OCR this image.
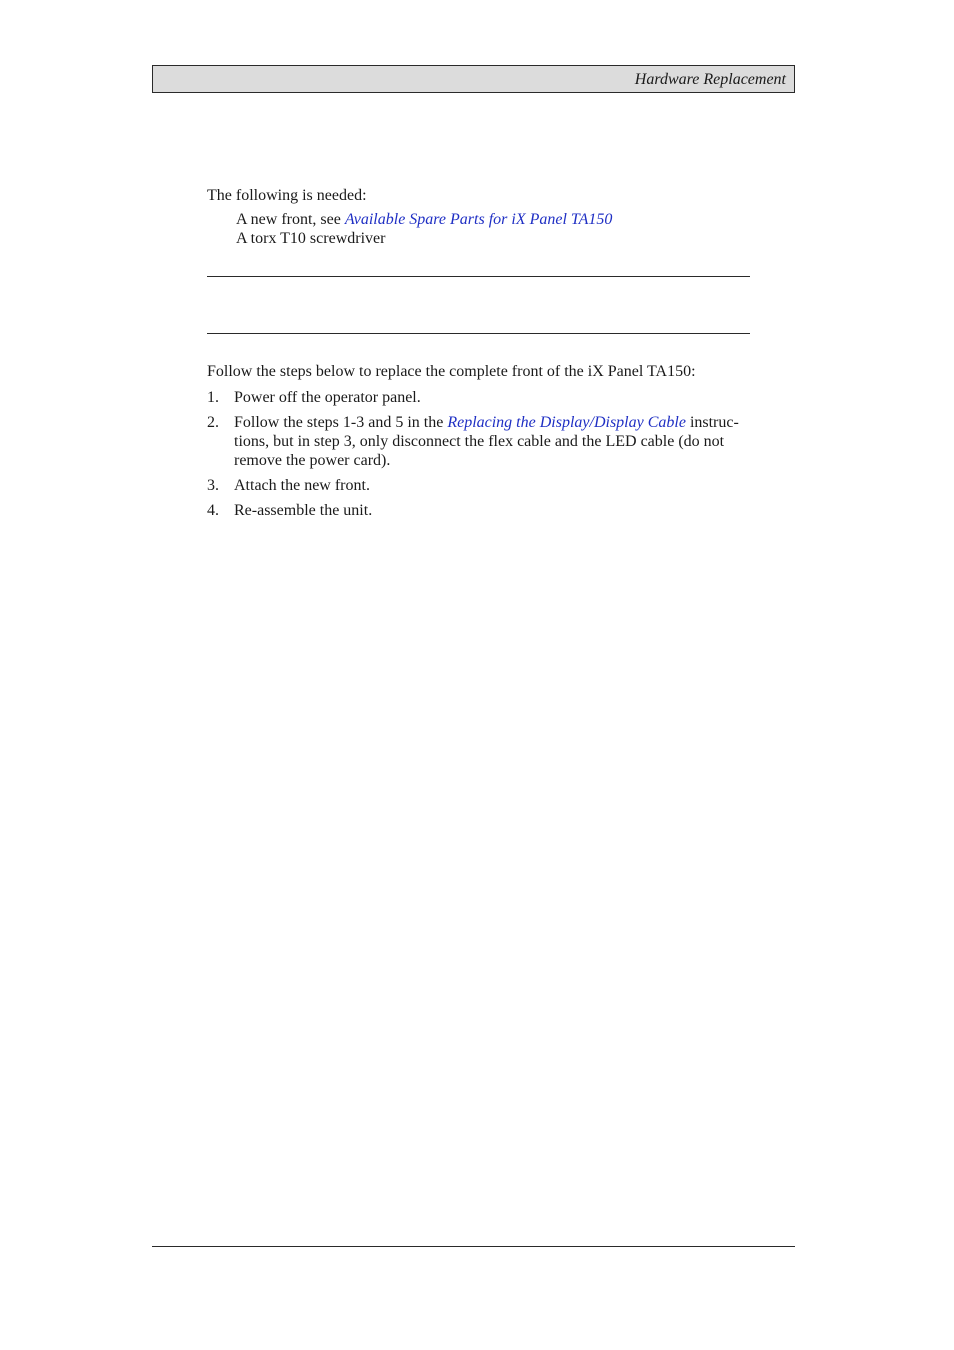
Hardware Replacement
The following is needed:
A new front, see Available Spare Parts for iX Panel TA150
A torx T10 screwdriver
Follow the steps below to replace the complete front of the iX Panel TA150:
1. Power off the operator panel.
2. Follow the steps 1-3 and 5 in the Replacing the Display/Display Cable instruc-
tions, but in step 3, only disconnect the flex cable and the LED cable (do not
remove the power card).
3. Attach the new front.
4. Re-assemble the unit.
